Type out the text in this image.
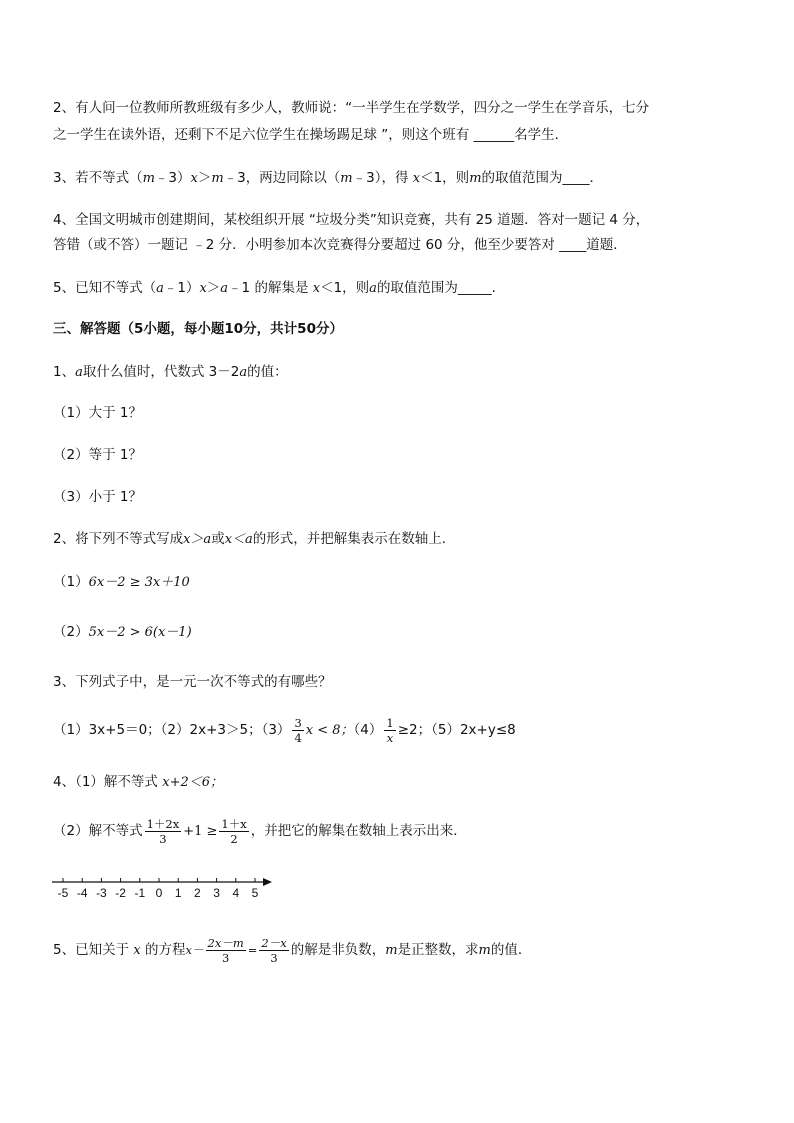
2、有人问一位教师所教班级有多少人，教师说：“一半学生在学数学，四分之一学生在学音乐，七分
之一学生在读外语，还剩下不足六位学生在操场踢足球 ”，则这个班有 ______名学生．
3、若不等式（m﹣3）x＞m﹣3，两边同除以（m﹣3），得 x＜1，则m的取值范围为____．
4、全国文明城市创建期间，某校组织开展 “垃圾分类”知识竞赛，共有 25 道题．答对一题记 4 分，
答错（或不答）一题记 ﹣2 分．小明参加本次竞赛得分要超过 60 分，他至少要答对 ____道题．
5、已知不等式（a﹣1）x＞a﹣1 的解集是 x＜1，则a的取值范围为_____．
三、解答题（5小题，每小题10分，共计50分）
1、a取什么值时，代数式 3－2a的值：
（1）大于 1？
（2）等于 1？
（3）小于 1？
2、将下列不等式写成x＞a或x＜a的形式，并把解集表示在数轴上．
（1）6x－2 ≥ 3x＋10
（2）5x－2 > 6(x－1)
3、下列式子中，是一元一次不等式的有哪些？
（1）3x+5＝0；（2）2x+3＞5；$(3) \frac{3}{4}$ x < 8；$(4) \frac{1}{x} \ge 2$；（5）2x+y≤8
4、（1）解不等式 x+2＜6；
（2）解不等式 $\frac{1+2x}{3} +1 \ge \frac{1+x}{2}$ ，并把它的解集在数轴上表示出来．
-5 -4 -3 -2 -1 0 1 2 3 4 5
5、已知关于 x 的方程$x- \frac{2x-m}{3} = \frac{2-x}{3}$ 的解是非负数，m是正整数，求m的值．
